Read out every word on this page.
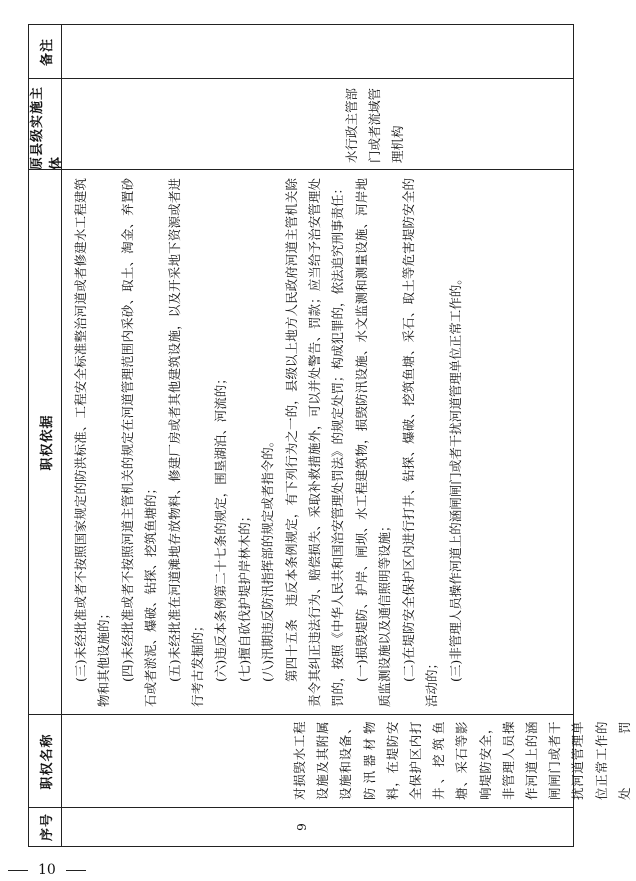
序号
职权名称
职权依据
原县级实施主体
备注
9
对损毁水工程设施及其附属设施和设备、防汛器材物料，在堤防安全保护区内打井、挖筑鱼塘、采石等影响堤防安全，非管理人员操作河道上的涵闸闸门或者干扰河道管理单位正常工作的处罚

(三)未经批准或者不按照国家规定的防洪标准、工程安全标准整治河道或者修建水工程建筑物和其他设施的； (四)未经批准或者不按照河道主管机关的规定在河道管理范围内采砂、取土、淘金、弃置砂石或者淤泥、爆破、钻探、挖筑鱼塘的； (五)未经批准在河道滩地存放物料、修建厂房或者其他建筑设施，以及开采地下资源或者进行考古发掘的； (六)违反本条例第二十七条的规定，围垦湖泊、河流的； (七)擅自砍伐护堤护岸林木的； (八)汛期违反防汛指挥部的规定或者指令的。 第四十五条　违反本条例规定，有下列行为之一的，县级以上地方人民政府河道主管机关除责令其纠正违法行为、赔偿损失、采取补救措施外，可以并处警告、罚款；应当给予治安管理处罚的，按照《中华人民共和国治安管理处罚法》的规定处罚；构成犯罪的，依法追究刑事责任： (一)损毁堤防、护岸、闸坝、水工程建筑物，损毁防汛设施、水文监测和测量设施、河岸地质监测设施以及通信照明等设施； (二)在堤防安全保护区内进行打井、钻探、爆破、挖筑鱼塘、采石、取土等危害堤防安全的活动的； (三)非管理人员操作河道上的涵闸闸门或者干扰河道管理单位正常工作的。

水行政主管部门或者流域管理机构
10
